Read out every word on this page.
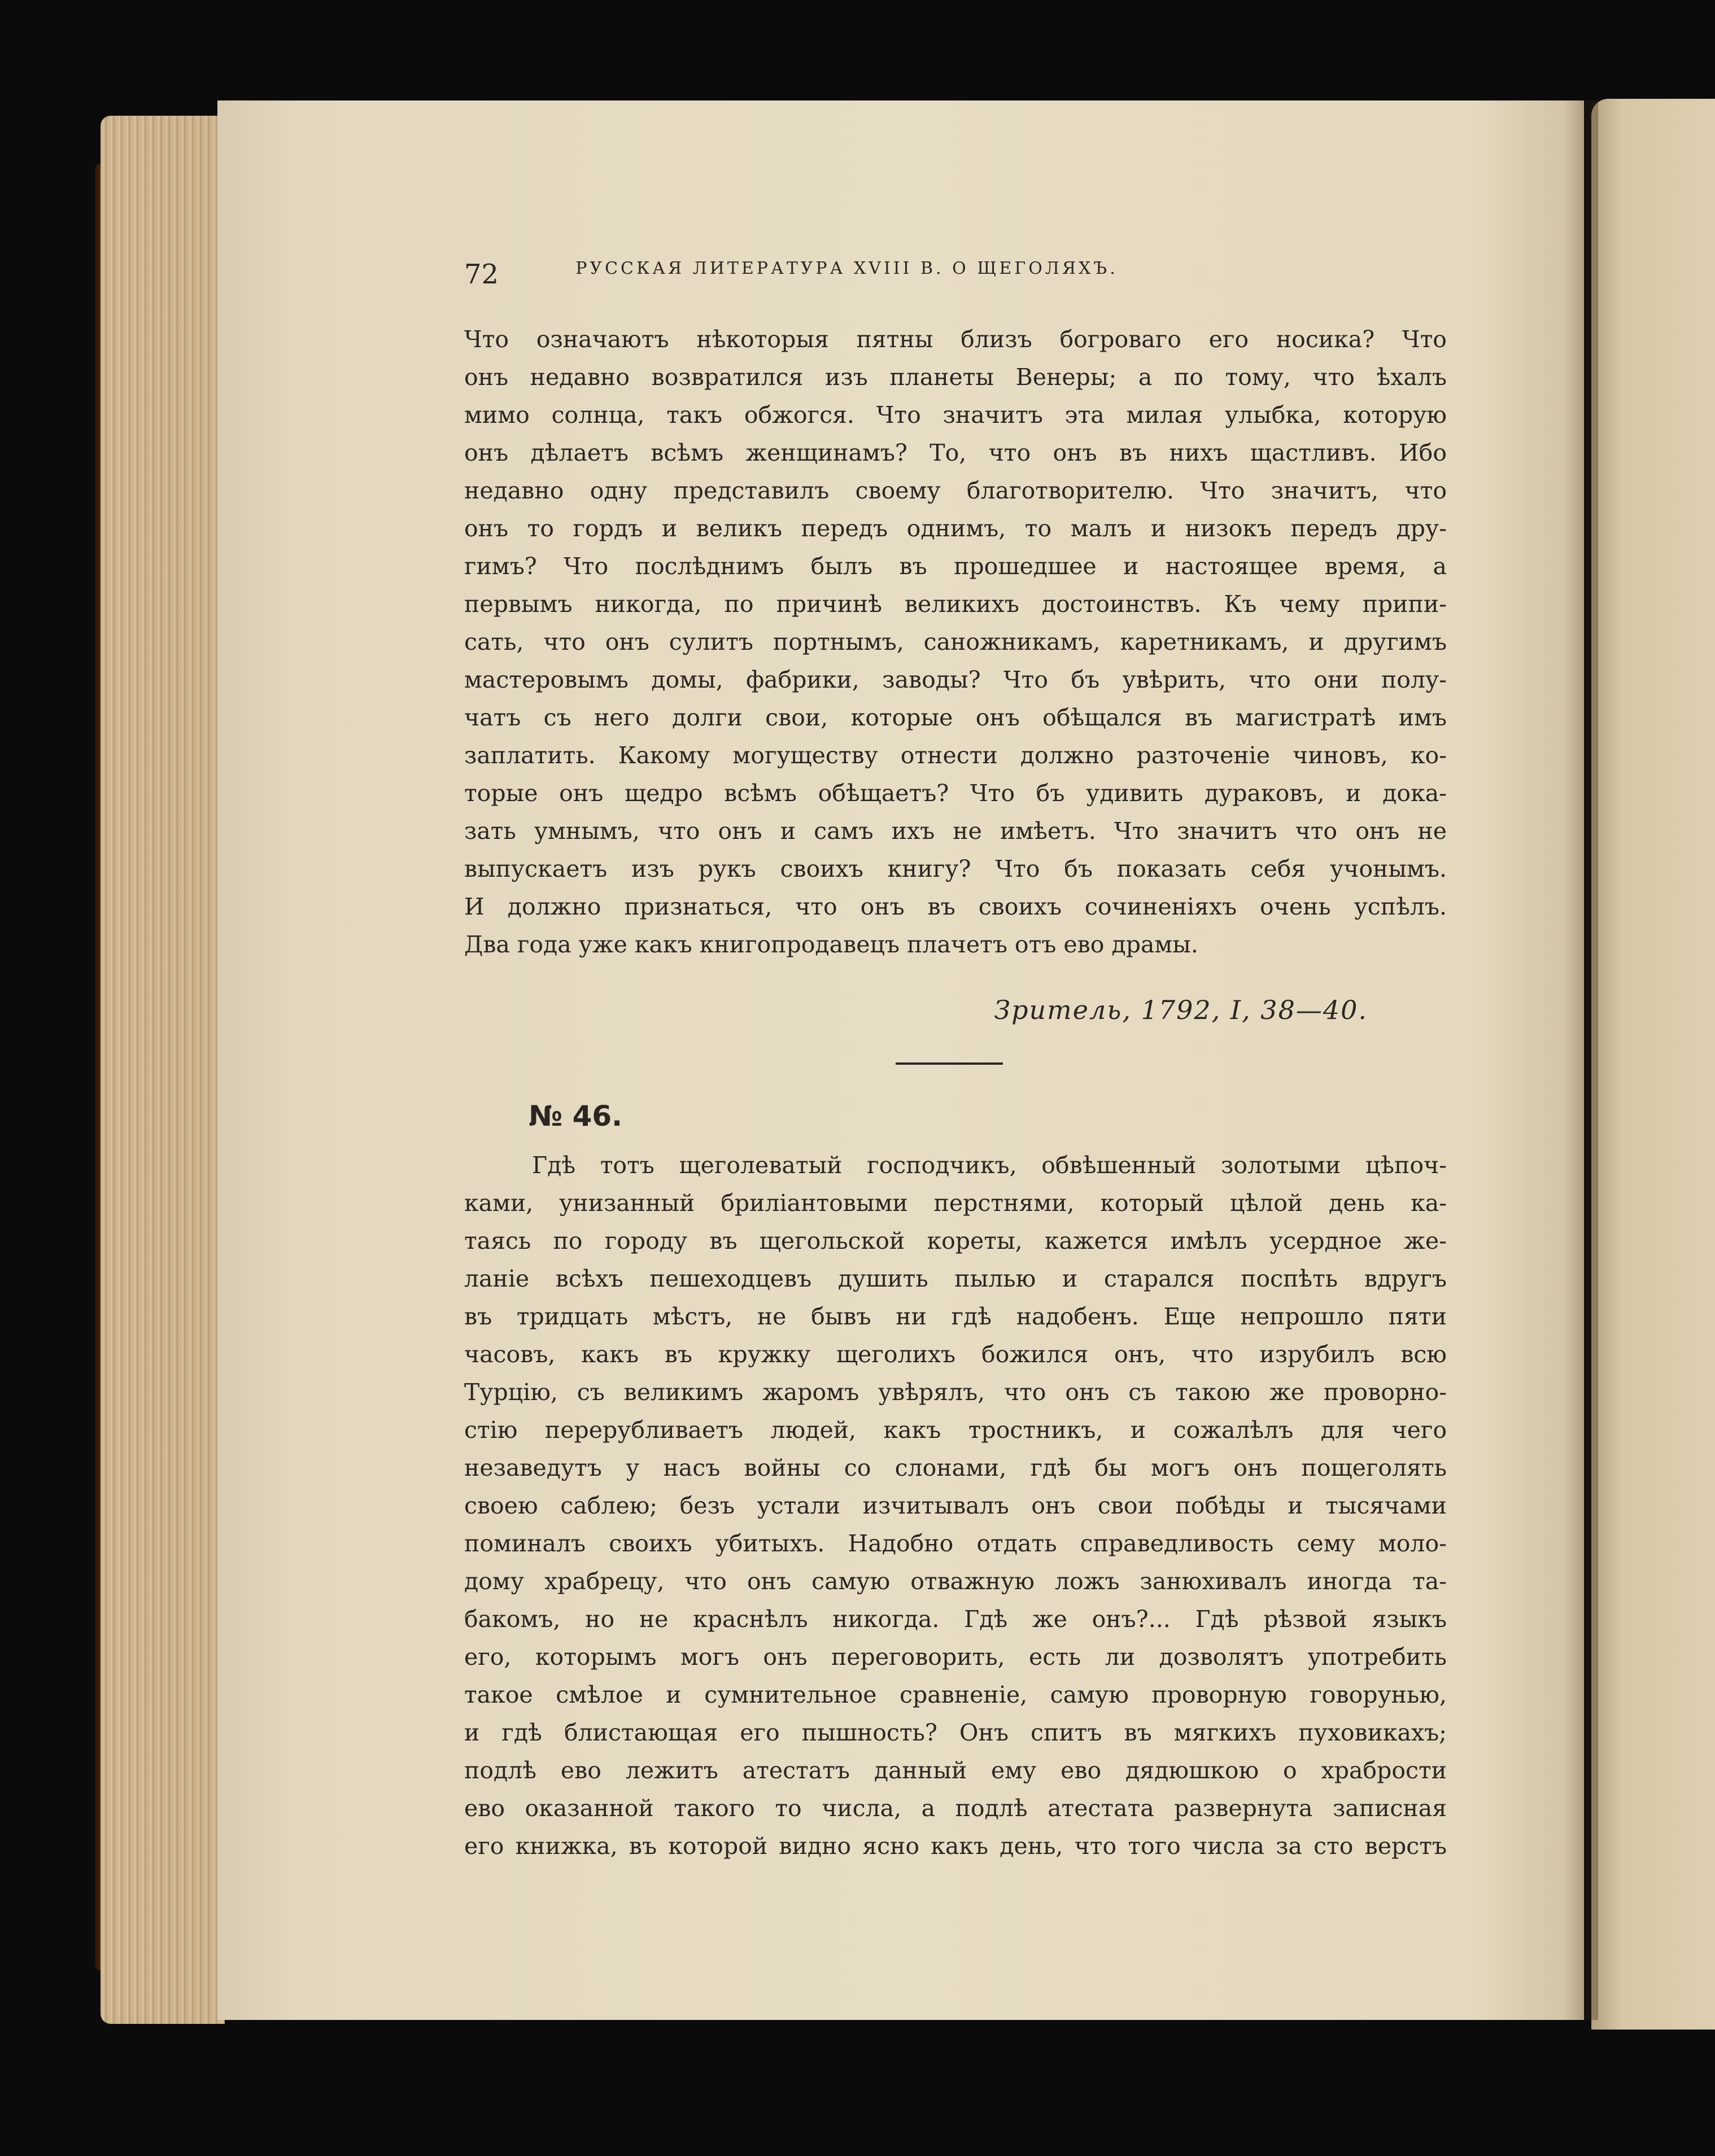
72	РУССКАЯ ЛИТЕРАТУРА XVIII В. О ЩЕГОЛЯХЪ.
Что означаютъ нѣкоторыя пятны близъ богроваго его носика? Что
онъ недавно возвратился изъ планеты Венеры; а по тому, что ѣхалъ
мимо солнца, такъ обжогся. Что значитъ эта милая улыбка, которую
онъ дѣлаетъ всѣмъ женщинамъ? То, что онъ въ нихъ щастливъ. Ибо
недавно одну представилъ своему благотворителю. Что значитъ, что
онъ то гордъ и великъ передъ однимъ, то малъ и низокъ передъ дру-
гимъ? Что послѣднимъ былъ въ прошедшее и настоящее время, а
первымъ никогда, по причинѣ великихъ достоинствъ. Къ чему припи-
сать, что онъ сулитъ портнымъ, саножникамъ, каретникамъ, и другимъ
мастеровымъ домы, фабрики, заводы? Что бъ увѣрить, что они полу-
чатъ съ него долги свои, которые онъ обѣщался въ магистратѣ имъ
заплатить. Какому могуществу отнести должно разточеніе чиновъ, ко-
торые онъ щедро всѣмъ обѣщаетъ? Что бъ удивить дураковъ, и дока-
зать умнымъ, что онъ и самъ ихъ не имѣетъ. Что значитъ что онъ не
выпускаетъ изъ рукъ своихъ книгу? Что бъ показать себя учонымъ.
И должно признаться, что онъ въ своихъ сочиненіяхъ очень успѣлъ.
Два года уже какъ книгопродавецъ плачетъ отъ ево драмы.
Зритель, 1792, I, 38—40.
№ 46.
Гдѣ тотъ щеголеватый господчикъ, обвѣшенный золотыми цѣпоч-
ками, унизанный бриліантовыми перстнями, который цѣлой день ка-
таясь по городу въ щегольской кореты, кажется имѣлъ усердное же-
ланіе всѣхъ пешеходцевъ душить пылью и старался поспѣть вдругъ
въ тридцать мѣстъ, не бывъ ни гдѣ надобенъ. Еще непрошло пяти
часовъ, какъ въ кружку щеголихъ божился онъ, что изрубилъ всю
Турцію, съ великимъ жаромъ увѣрялъ, что онъ съ такою же проворно-
стію перерубливаетъ людей, какъ тростникъ, и сожалѣлъ для чего
незаведутъ у насъ войны со слонами, гдѣ бы могъ онъ пощеголять
своею саблею; безъ устали изчитывалъ онъ свои побѣды и тысячами
поминалъ своихъ убитыхъ. Надобно отдать справедливость сему моло-
дому храбрецу, что онъ самую отважную ложъ занюхивалъ иногда та-
бакомъ, но не краснѣлъ никогда. Гдѣ же онъ?... Гдѣ рѣзвой языкъ
его, которымъ могъ онъ переговорить, есть ли дозволятъ употребить
такое смѣлое и сумнительное сравненіе, самую проворную говорунью,
и гдѣ блистающая его пышность? Онъ спитъ въ мягкихъ пуховикахъ;
подлѣ ево лежитъ атестатъ данный ему ево дядюшкою о храбрости
ево оказанной такого то числа, а подлѣ атестата развернута записная
его книжка, въ которой видно ясно какъ день, что того числа за сто верстъ
